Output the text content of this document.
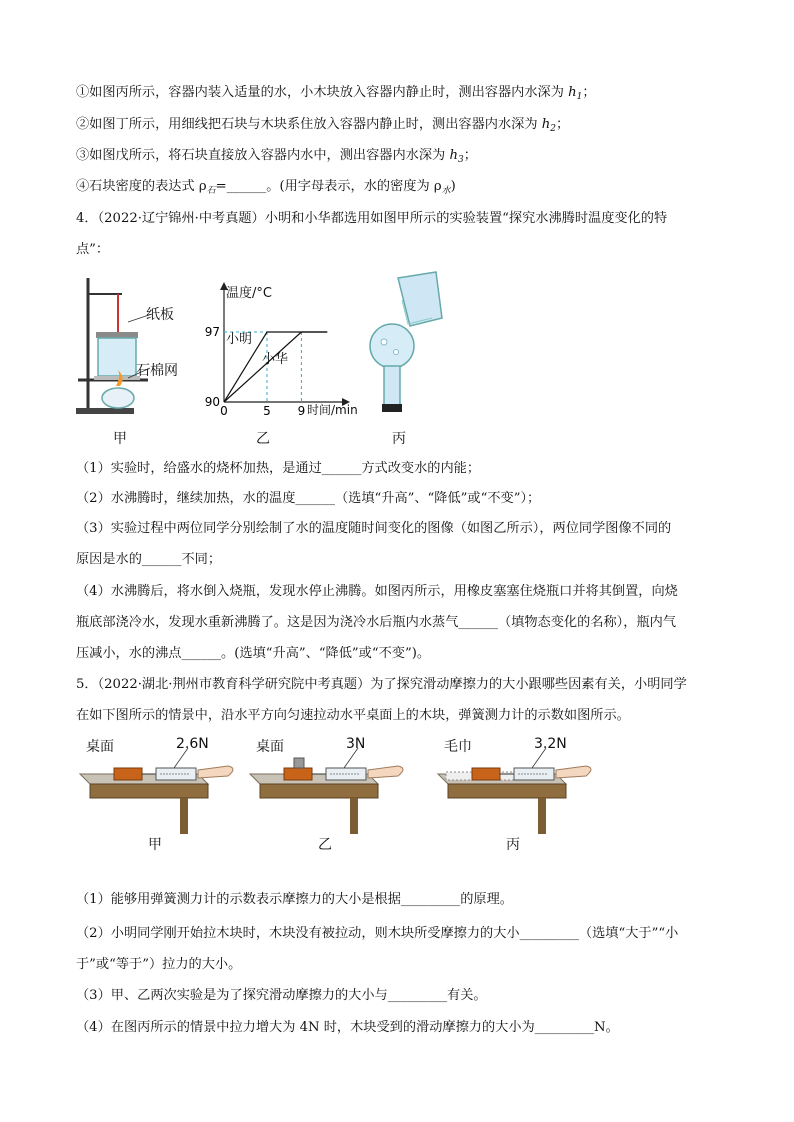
①如图丙所示，容器内装入适量的水，小木块放入容器内静止时，测出容器内水深为 $h_1$；
②如图丁所示，用细线把石块与木块系住放入容器内静止时，测出容器内水深为 $h_2$；
③如图戊所示，将石块直接放入容器内水中，测出容器内水深为 $h_3$；
④石块密度的表达式 $\rho_石=\_\_\_\_\_\_$。(用字母表示，水的密度为 $\rho_水$)
4．（2022·辽宁锦州·中考真题）小明和小华都选用如图甲所示的实验装置“探究水沸腾时温度变化的特
点”：
纸板
石棉网
甲
90
97
0	5 9
温度/°C
时间/min
小明
小华
乙	丙
（1）实验时，给盛水的烧杯加热，是通过______方式改变水的内能；
（2）水沸腾时，继续加热，水的温度______（选填“升高”、“降低”或“不变”）；
（3）实验过程中两位同学分别绘制了水的温度随时间变化的图像（如图乙所示），两位同学图像不同的
原因是水的______不同；
（4）水沸腾后，将水倒入烧瓶，发现水停止沸腾。如图丙所示，用橡皮塞塞住烧瓶口并将其倒置，向烧
瓶底部浇冷水，发现水重新沸腾了。这是因为浇冷水后瓶内水蒸气______（填物态变化的名称），瓶内气
压减小，水的沸点______。(选填“升高”、“降低”或“不变”)。
5．（2022·湖北·荆州市教育科学研究院中考真题）为了探究滑动摩擦力的大小跟哪些因素有关，小明同学
在如下图所示的情景中，沿水平方向匀速拉动水平桌面上的木块，弹簧测力计的示数如图所示。
桌面	2.6N
甲
桌面	3N
乙
毛巾	3.2N
丙
（1）能够用弹簧测力计的示数表示摩擦力的大小是根据_________的原理。
（2）小明同学刚开始拉木块时，木块没有被拉动，则木块所受摩擦力的大小_________（选填“大于”“小
于”或“等于”）拉力的大小。
（3）甲、乙两次实验是为了探究滑动摩擦力的大小与_________有关。
（4）在图丙所示的情景中拉力增大为 4N 时，木块受到的滑动摩擦力的大小为_________N。
